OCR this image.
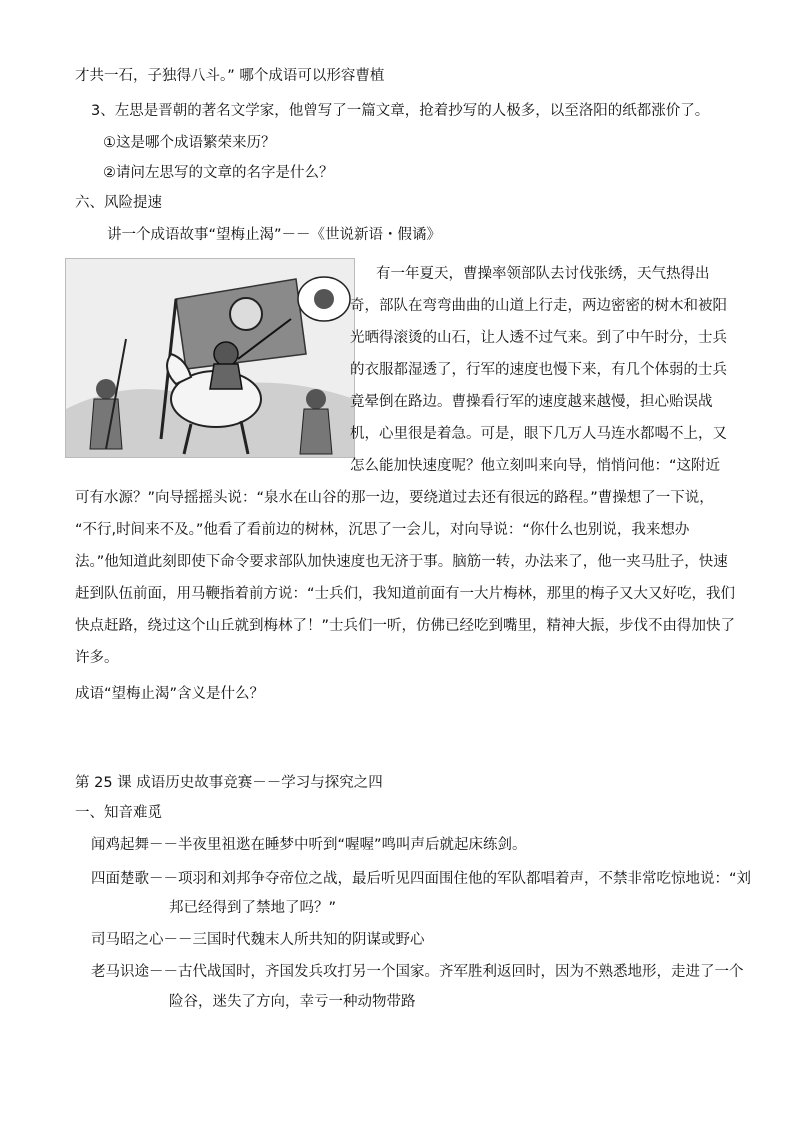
才共一石，子独得八斗。” 哪个成语可以形容曹植
3、左思是晋朝的著名文学家，他曾写了一篇文章，抢着抄写的人极多，以至洛阳的纸都涨价了。
①这是哪个成语繁荣来历？
②请问左思写的文章的名字是什么？
六、风险提速
讲一个成语故事“望梅止渴”－－《世说新语・假谲》
有一年夏天，曹操率领部队去讨伐张绣，天气热得出
奇，部队在弯弯曲曲的山道上行走，两边密密的树木和被阳
光晒得滚烫的山石，让人透不过气来。到了中午时分，士兵
的衣服都湿透了，行军的速度也慢下来，有几个体弱的士兵
竟晕倒在路边。曹操看行军的速度越来越慢，担心贻误战
机，心里很是着急。可是，眼下几万人马连水都喝不上，又
怎么能加快速度呢？他立刻叫来向导，悄悄问他：“这附近
可有水源？”向导摇摇头说：“泉水在山谷的那一边，要绕道过去还有很远的路程。”曹操想了一下说，
“不行,时间来不及。”他看了看前边的树林，沉思了一会儿，对向导说：“你什么也别说，我来想办
法。”他知道此刻即使下命令要求部队加快速度也无济于事。脑筋一转，办法来了，他一夹马肚子，快速
赶到队伍前面，用马鞭指着前方说：“士兵们，我知道前面有一大片梅林，那里的梅子又大又好吃，我们
快点赶路，绕过这个山丘就到梅林了！”士兵们一听，仿佛已经吃到嘴里，精神大振，步伐不由得加快了
许多。
成语“望梅止渴”含义是什么？
第 25 课 成语历史故事竞赛－－学习与探究之四
一、知音难觅
闻鸡起舞－－半夜里祖逖在睡梦中听到“喔喔”鸣叫声后就起床练剑。
四面楚歌－－项羽和刘邦争夺帝位之战，最后听见四面围住他的军队都唱着声，不禁非常吃惊地说：“刘
邦已经得到了禁地了吗？”
司马昭之心－－三国时代魏末人所共知的阴谋或野心
老马识途－－古代战国时，齐国发兵攻打另一个国家。齐军胜利返回时，因为不熟悉地形，走进了一个
险谷，迷失了方向，幸亏一种动物带路
